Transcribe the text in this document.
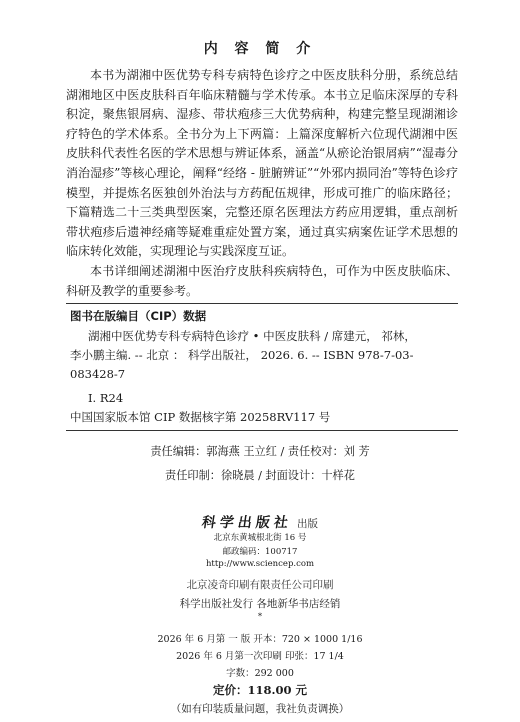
内 容 简 介

本书为湖湘中医优势专科专病特色诊疗之中医皮肤科分册，系统总结湖湘地区中医皮肤科百年临床精髓与学术传承。本书立足临床深厚的专科积淀，聚焦银屑病、湿疹、带状疱疹三大优势病种，构建完整呈现湖湘诊疗特色的学术体系。全书分为上下两篇：上篇深度解析六位现代湖湘中医皮肤科代表性名医的学术思想与辨证体系，涵盖“从瘀论治银屑病”“湿毒分消治湿疹”等核心理论，阐释“经络 - 脏腑辨证”“外邪内损同治”等特色诊疗模型，并提炼名医独创外治法与方药配伍规律，形成可推广的临床路径；下篇精选二十三类典型医案，完整还原名医理法方药应用逻辑，重点剖析带状疱疹后遗神经痛等疑难重症处置方案，通过真实病案佐证学术思想的临床转化效能，实现理论与实践深度互证。

本书详细阐述湖湘中医治疗皮肤科疾病特色，可作为中医皮肤临床、科研及教学的重要参考。

图书在版编目（CIP）数据
湖湘中医优势专科专病特色诊疗 • 中医皮肤科 / 席建元， 祁林，
李小鹏主编. -- 北京 ： 科学出版社， 2026. 6. -- ISBN 978-7-03-
083428-7
Ⅰ. R24
中国国家版本馆 CIP 数据核字第 20258RV117 号
责任编辑：郭海燕 王立红 / 责任校对：刘 芳
责任印制：徐晓晨 / 封面设计：十样花
科学出版社 出版
北京东黄城根北街 16 号
邮政编码：100717
http://www.sciencep.com
北京凌奇印刷有限责任公司印刷
科学出版社发行 各地新华书店经销
*
2026 年 6 月第 一 版 开本：720 × 1000 1/16
2026 年 6 月第一次印刷 印张：17 1/4
字数：292 000
定价：118.00 元
（如有印装质量问题，我社负责调换）
